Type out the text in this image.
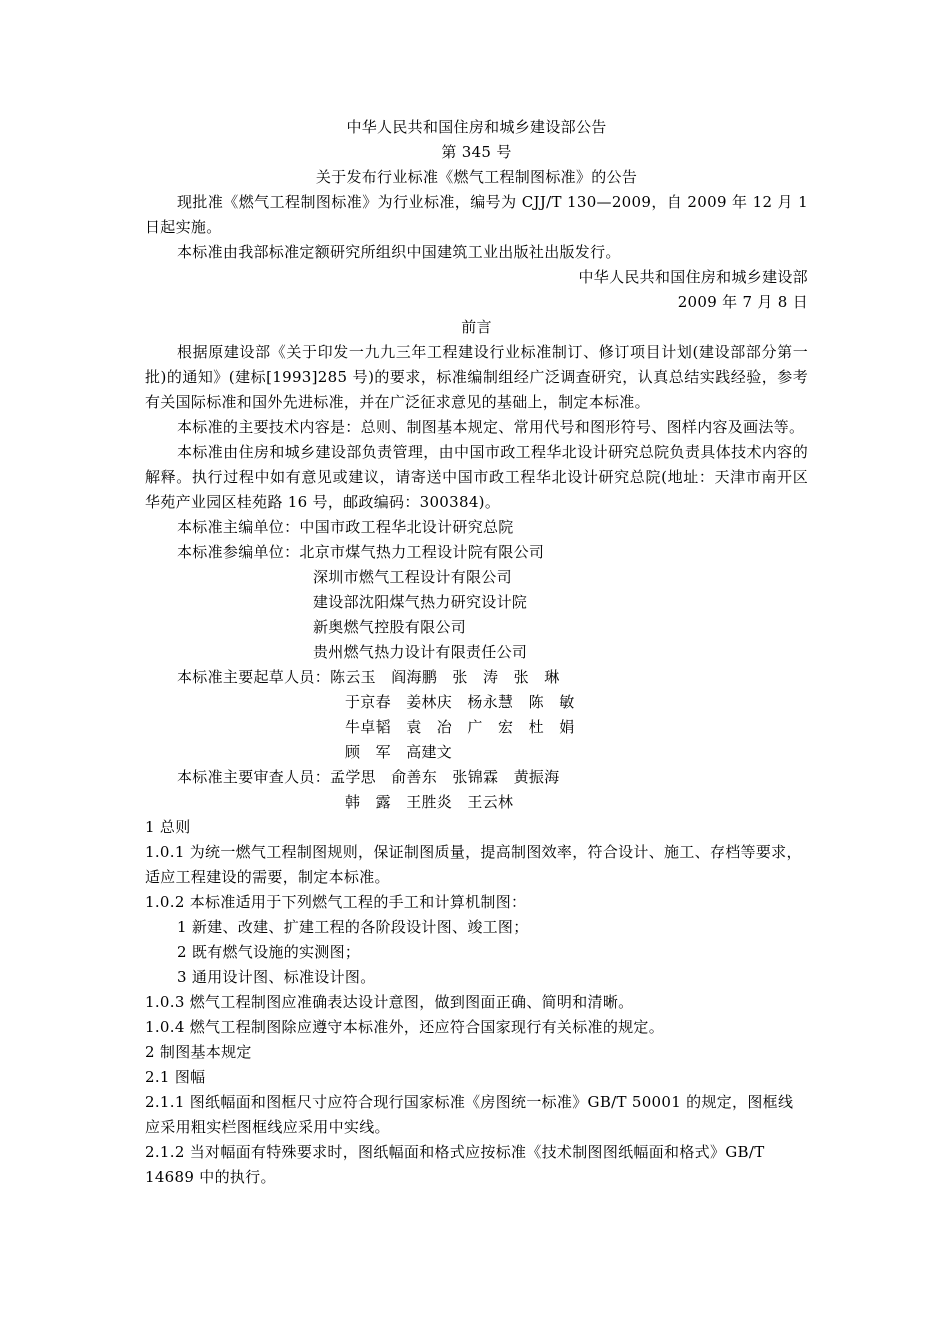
中华人民共和国住房和城乡建设部公告
第 345 号
关于发布行业标准《燃气工程制图标准》的公告
现批准《燃气工程制图标准》为行业标准，编号为 CJJ/T 130—2009，自 2009 年 12 月 1 日起实施。
本标准由我部标准定额研究所组织中国建筑工业出版社出版发行。
中华人民共和国住房和城乡建设部
2009 年 7 月 8 日
前言
根据原建设部《关于印发一九九三年工程建设行业标准制订、修订项目计划(建设部部分第一批)的通知》(建标[1993]285 号)的要求，标准编制组经广泛调查研究，认真总结实践经验，参考有关国际标准和国外先进标准，并在广泛征求意见的基础上，制定本标准。
本标准的主要技术内容是：总则、制图基本规定、常用代号和图形符号、图样内容及画法等。
本标准由住房和城乡建设部负责管理，由中国市政工程华北设计研究总院负责具体技术内容的解释。执行过程中如有意见或建议，请寄送中国市政工程华北设计研究总院(地址：天津市南开区华苑产业园区桂苑路 16 号，邮政编码：300384)。
本标准主编单位： 中国市政工程华北设计研究总院
本标准参编单位： 北京市煤气热力工程设计院有限公司
深圳市燃气工程设计有限公司
建设部沈阳煤气热力研究设计院
新奥燃气控股有限公司
贵州燃气热力设计有限责任公司
本标准主要起草人员： 陈云玉　阎海鹏　张　涛　张　琳
于京春　姜林庆　杨永慧　陈　敏
牛卓韬　袁　冶　广　宏　杜　娟
顾　军　高建文
本标准主要审查人员： 孟学思　俞善东　张锦霖　黄振海
韩　露　王胜炎　王云林
1 总则
1.0.1 为统一燃气工程制图规则，保证制图质量，提高制图效率，符合设计、施工、存档等要求，适应工程建设的需要，制定本标准。
1.0.2 本标准适用于下列燃气工程的手工和计算机制图：
1 新建、改建、扩建工程的各阶段设计图、竣工图；
2 既有燃气设施的实测图；
3 通用设计图、标准设计图。
1.0.3 燃气工程制图应准确表达设计意图，做到图面正确、简明和清晰。
1.0.4 燃气工程制图除应遵守本标准外，还应符合国家现行有关标准的规定。
2 制图基本规定
2.1 图幅
2.1.1 图纸幅面和图框尺寸应符合现行国家标准《房图统一标准》GB/T 50001 的规定，图框线应采用粗实栏图框线应采用中实线。
2.1.2 当对幅面有特殊要求时，图纸幅面和格式应按标准《技术制图图纸幅面和格式》GB/T 14689 中的执行。
